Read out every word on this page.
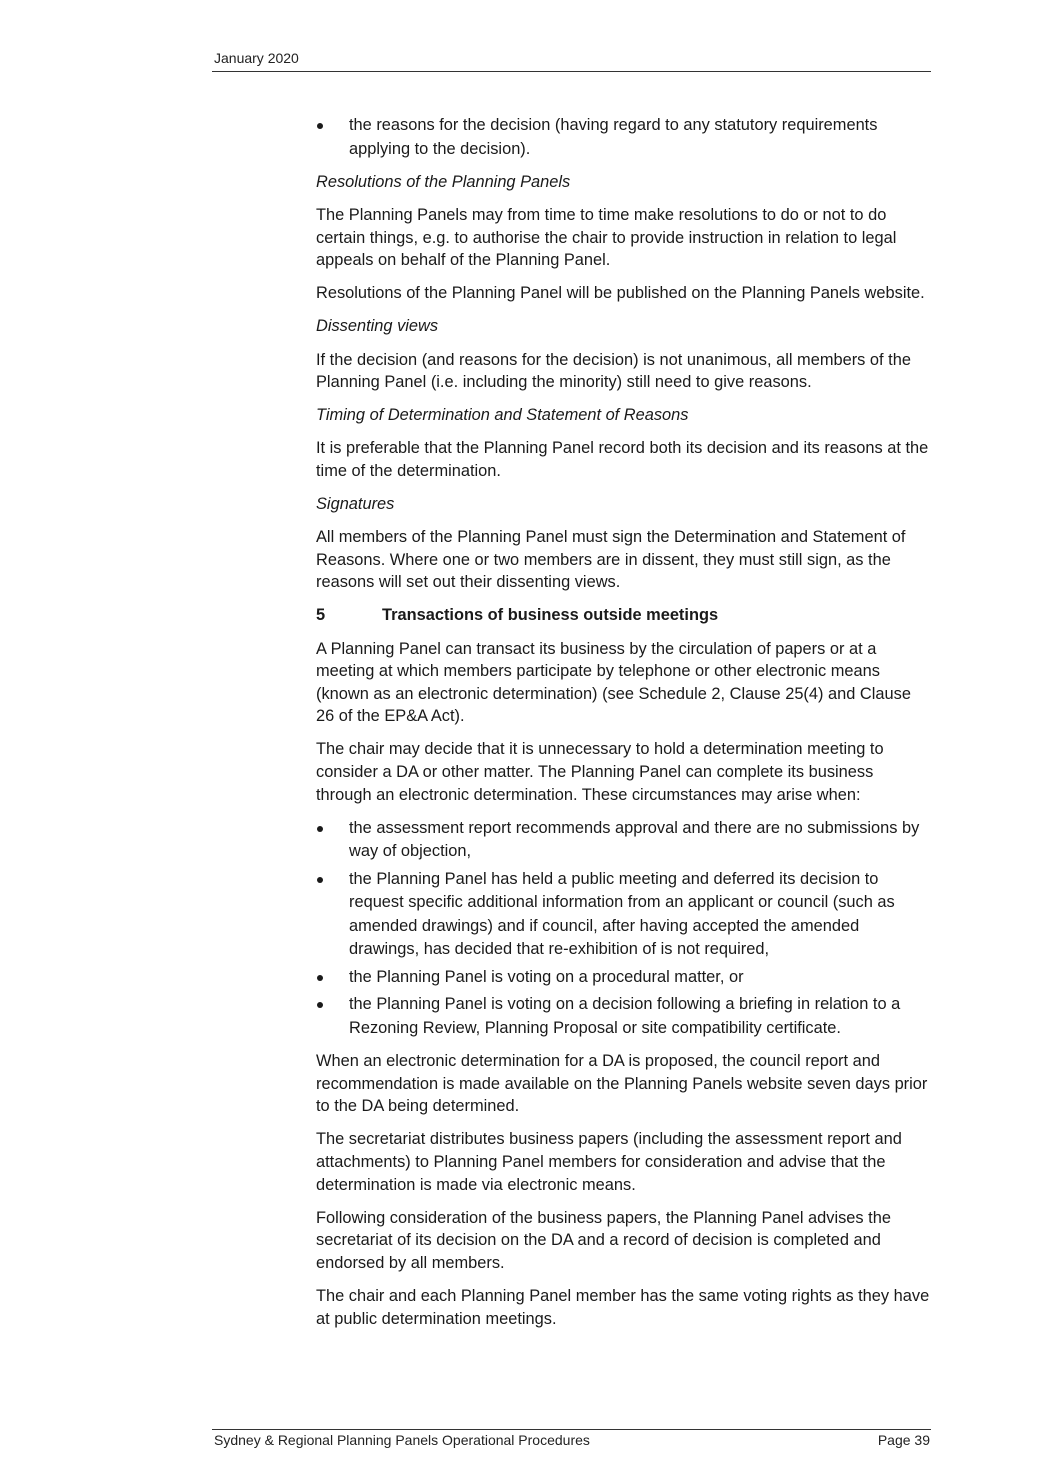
January 2020
the reasons for the decision (having regard to any statutory requirements applying to the decision).

Resolutions of the Planning Panels

The Planning Panels may from time to time make resolutions to do or not to do certain things, e.g. to authorise the chair to provide instruction in relation to legal appeals on behalf of the Planning Panel.

Resolutions of the Planning Panel will be published on the Planning Panels website.

Dissenting views

If the decision (and reasons for the decision) is not unanimous, all members of the Planning Panel (i.e. including the minority) still need to give reasons.

Timing of Determination and Statement of Reasons

It is preferable that the Planning Panel record both its decision and its reasons at the time of the determination.

Signatures

All members of the Planning Panel must sign the Determination and Statement of Reasons. Where one or two members are in dissent, they must still sign, as the reasons will set out their dissenting views.

5	Transactions of business outside meetings

A Planning Panel can transact its business by the circulation of papers or at a meeting at which members participate by telephone or other electronic means (known as an electronic determination) (see Schedule 2, Clause 25(4) and Clause 26 of the EP&A Act).

The chair may decide that it is unnecessary to hold a determination meeting to consider a DA or other matter. The Planning Panel can complete its business through an electronic determination. These circumstances may arise when:

the assessment report recommends approval and there are no submissions by way of objection,
the Planning Panel has held a public meeting and deferred its decision to request specific additional information from an applicant or council (such as amended drawings) and if council, after having accepted the amended drawings, has decided that re-exhibition of is not required,
the Planning Panel is voting on a procedural matter, or
the Planning Panel is voting on a decision following a briefing in relation to a Rezoning Review, Planning Proposal or site compatibility certificate.

When an electronic determination for a DA is proposed, the council report and recommendation is made available on the Planning Panels website seven days prior to the DA being determined.

The secretariat distributes business papers (including the assessment report and attachments) to Planning Panel members for consideration and advise that the determination is made via electronic means.

Following consideration of the business papers, the Planning Panel advises the secretariat of its decision on the DA and a record of decision is completed and endorsed by all members.

The chair and each Planning Panel member has the same voting rights as they have at public determination meetings.

Sydney & Regional Planning Panels Operational Procedures	Page 39
